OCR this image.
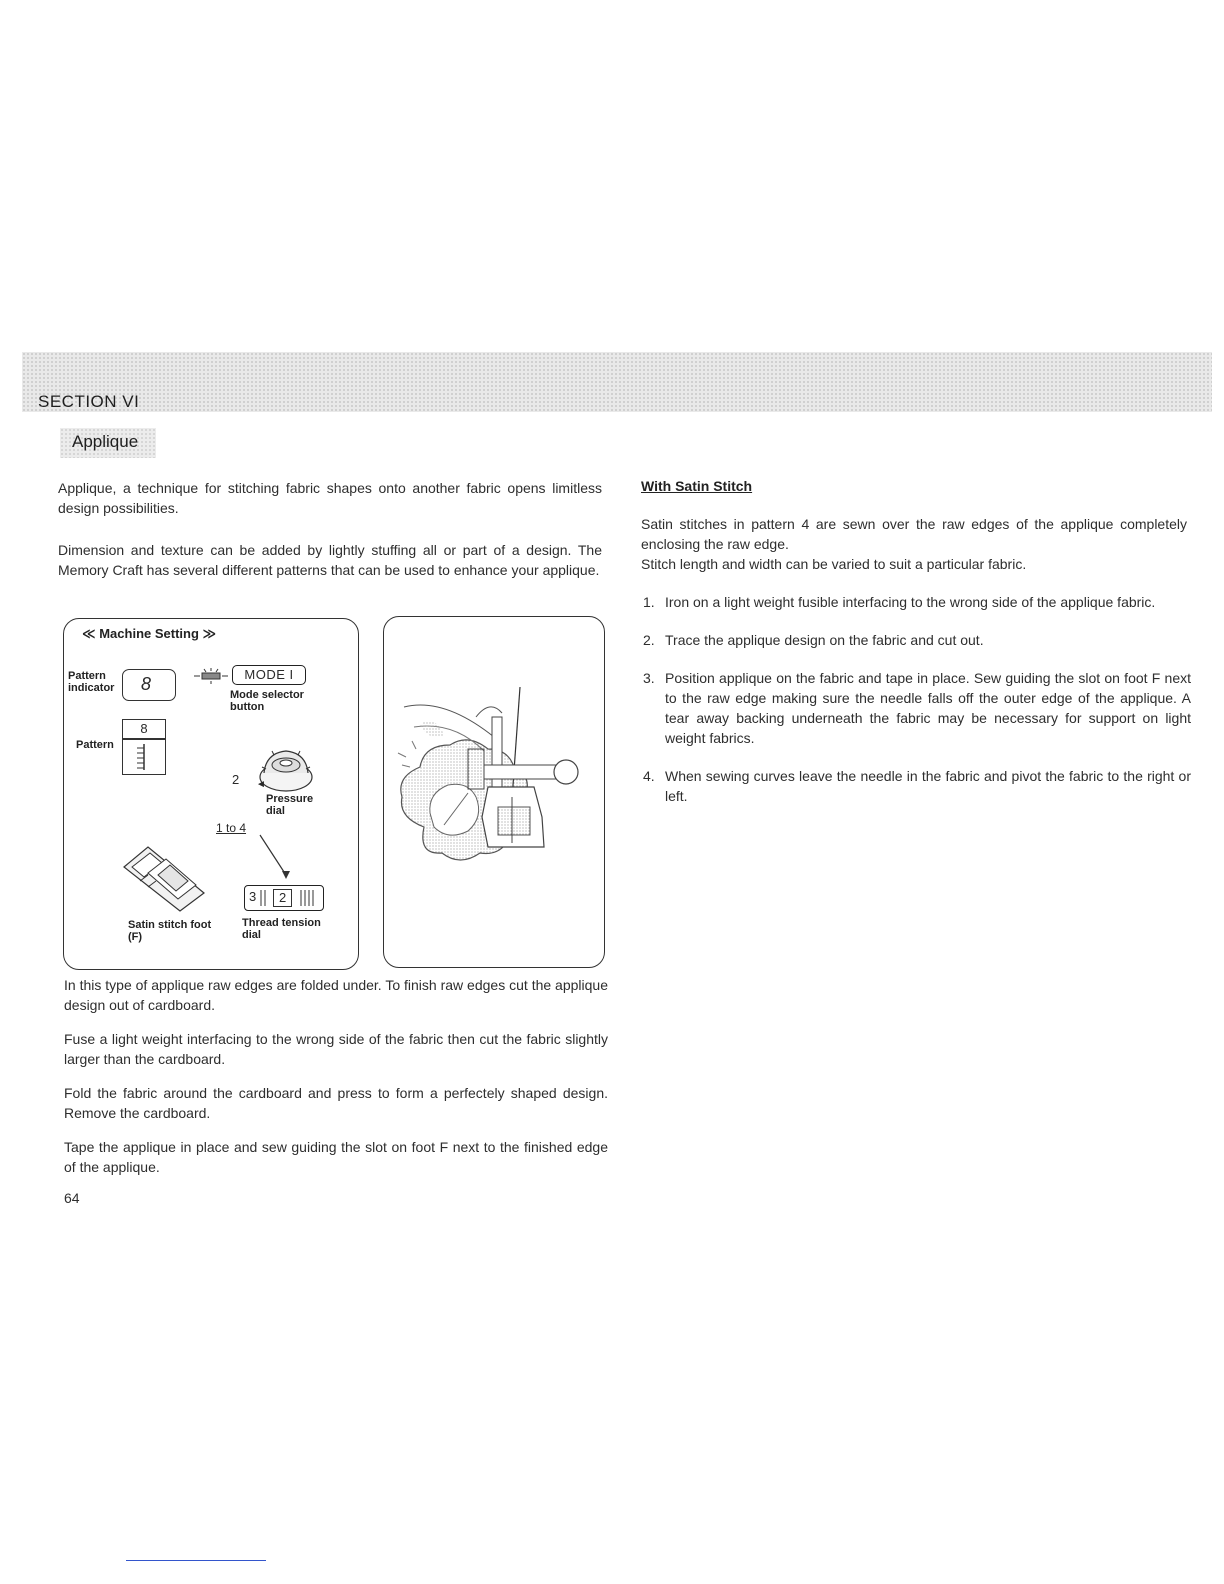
SECTION VI
Applique
Applique, a technique for stitching fabric shapes onto another fabric opens limitless design possibilities.
Dimension and texture can be added by lightly stuffing all or part of a design. The Memory Craft has several different patterns that can be used to enhance your applique.
≪ Machine Setting ≫
Pattern indicator	8	MODE I
Mode selector button
8
Pattern
2 ◄
Pressure dial
1 to 4
3	2
Thread tension dial
Satin stitch foot (F)
In this type of applique raw edges are folded under. To finish raw edges cut the applique design out of cardboard.
Fuse a light weight interfacing to the wrong side of the fabric then cut the fabric slightly larger than the cardboard.
Fold the fabric around the cardboard and press to form a perfectely shaped design. Remove the cardboard.
Tape the applique in place and sew guiding the slot on foot F next to the finished edge of the applique.
64
With Satin Stitch
Satin stitches in pattern 4 are sewn over the raw edges of the applique completely enclosing the raw edge.
Stitch length and width can be varied to suit a particular fabric.
1. Iron on a light weight fusible interfacing to the wrong side of the applique fabric.
2. Trace the applique design on the fabric and cut out.
3. Position applique on the fabric and tape in place. Sew guiding the slot on foot F next to the raw edge making sure the needle falls off the outer edge of the applique. A tear away backing underneath the fabric may be necessary for support on light weight fabrics.
4. When sewing curves leave the needle in the fabric and pivot the fabric to the right or left.
